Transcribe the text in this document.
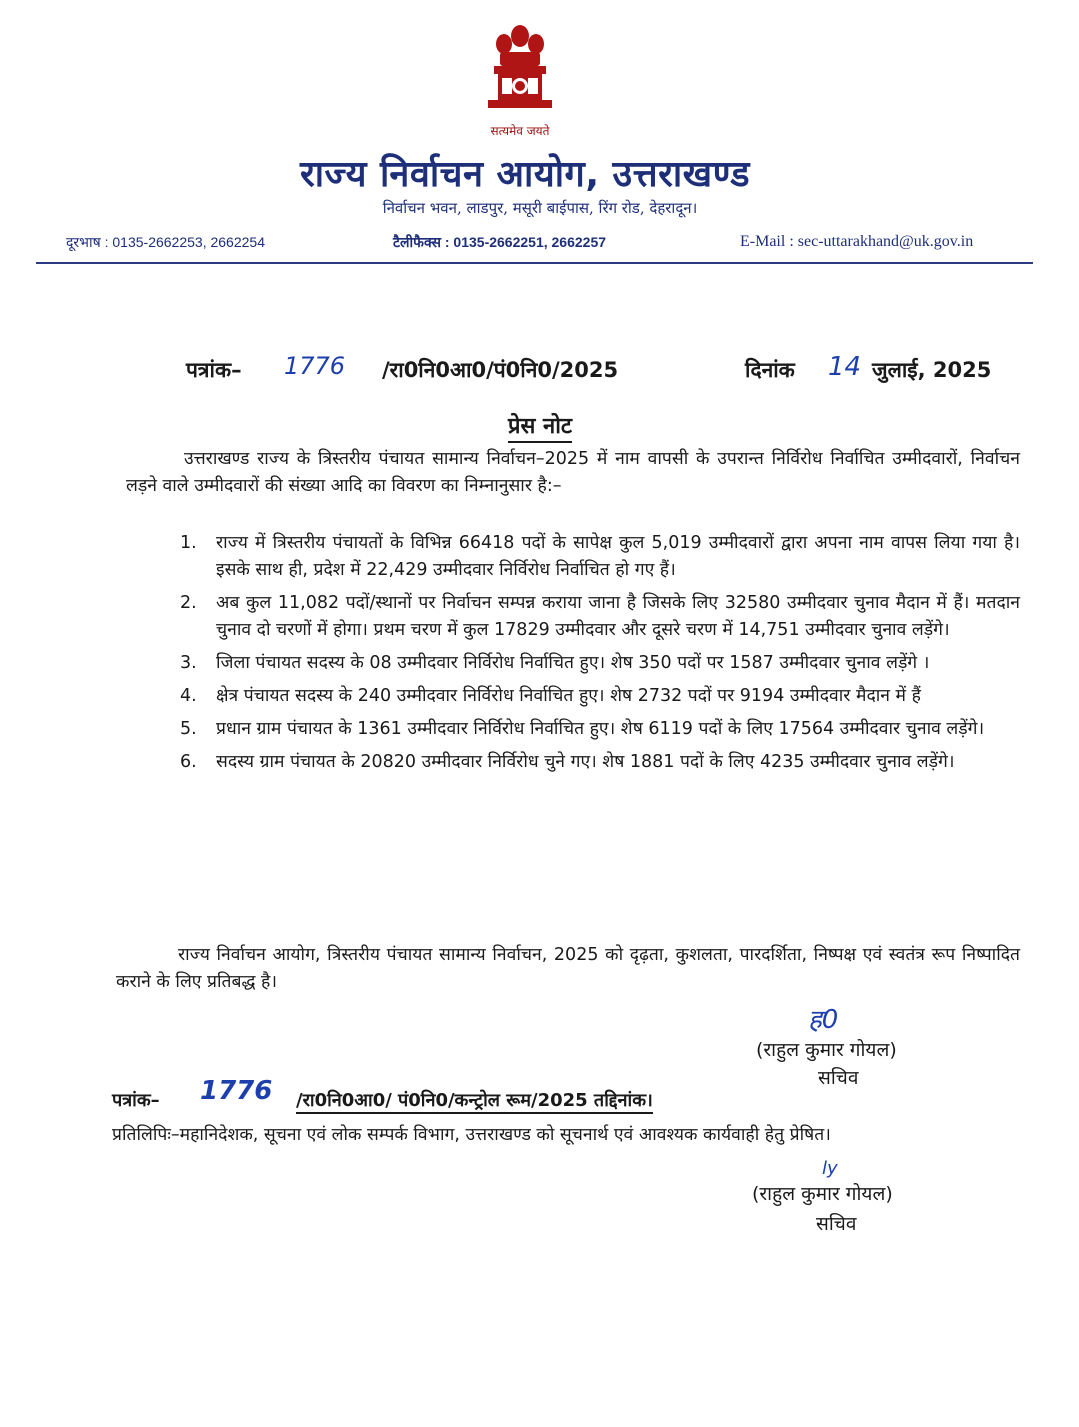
सत्यमेव जयते
राज्य निर्वाचन आयोग, उत्तराखण्ड
निर्वाचन भवन, लाडपुर, मसूरी बाईपास, रिंग रोड, देहरादून।
दूरभाष : 0135-2662253, 2662254	टैलीफैक्स : 0135-2662251, 2662257	E-Mail : sec-uttarakhand@uk.gov.in
पत्रांक– 1776 /रा0नि0आ0/पं0नि0/2025	दिनांक 14 जुलाई, 2025
प्रेस नोट
उत्तराखण्ड राज्य के त्रिस्तरीय पंचायत सामान्य निर्वाचन–2025 में नाम वापसी के उपरान्त निर्विरोध निर्वाचित उम्मीदवारों, निर्वाचन लड़ने वाले उम्मीदवारों की संख्या आदि का विवरण का निम्नानुसार है:–
1. राज्य में त्रिस्तरीय पंचायतों के विभिन्न 66418 पदों के सापेक्ष कुल 5,019 उम्मीदवारों द्वारा अपना नाम वापस लिया गया है। इसके साथ ही, प्रदेश में 22,429 उम्मीदवार निर्विरोध निर्वाचित हो गए हैं।
2. अब कुल 11,082 पदों/स्थानों पर निर्वाचन सम्पन्न कराया जाना है जिसके लिए 32580 उम्मीदवार चुनाव मैदान में हैं। मतदान चुनाव दो चरणों में होगा। प्रथम चरण में कुल 17829 उम्मीदवार और दूसरे चरण में 14,751 उम्मीदवार चुनाव लड़ेंगे।
3. जिला पंचायत सदस्य के 08 उम्मीदवार निर्विरोध निर्वाचित हुए। शेष 350 पदों पर 1587 उम्मीदवार चुनाव लड़ेंगे ।
4. क्षेत्र पंचायत सदस्य के 240 उम्मीदवार निर्विरोध निर्वाचित हुए। शेष 2732 पदों पर 9194 उम्मीदवार मैदान में हैं
5. प्रधान ग्राम पंचायत के 1361 उम्मीदवार निर्विरोध निर्वाचित हुए। शेष 6119 पदों के लिए 17564 उम्मीदवार चुनाव लड़ेंगे।
6. सदस्य ग्राम पंचायत के 20820 उम्मीदवार निर्विरोध चुने गए। शेष 1881 पदों के लिए 4235 उम्मीदवार चुनाव लड़ेंगे।
राज्य निर्वाचन आयोग, त्रिस्तरीय पंचायत सामान्य निर्वाचन, 2025 को दृढ़ता, कुशलता, पारदर्शिता, निष्पक्ष एवं स्वतंत्र रूप निष्पादित कराने के लिए प्रतिबद्ध है।
ह0
(राहुल कुमार गोयल)
सचिव
पत्रांक– 1776 /रा0नि0आ0/ पं0नि0/कन्ट्रोल रूम/2025 तद्दिनांक।
प्रतिलिपिः–महानिदेशक, सूचना एवं लोक सम्पर्क विभाग, उत्तराखण्ड को सूचनार्थ एवं आवश्यक कार्यवाही हेतु प्रेषित।
ly
(राहुल कुमार गोयल)
सचिव
